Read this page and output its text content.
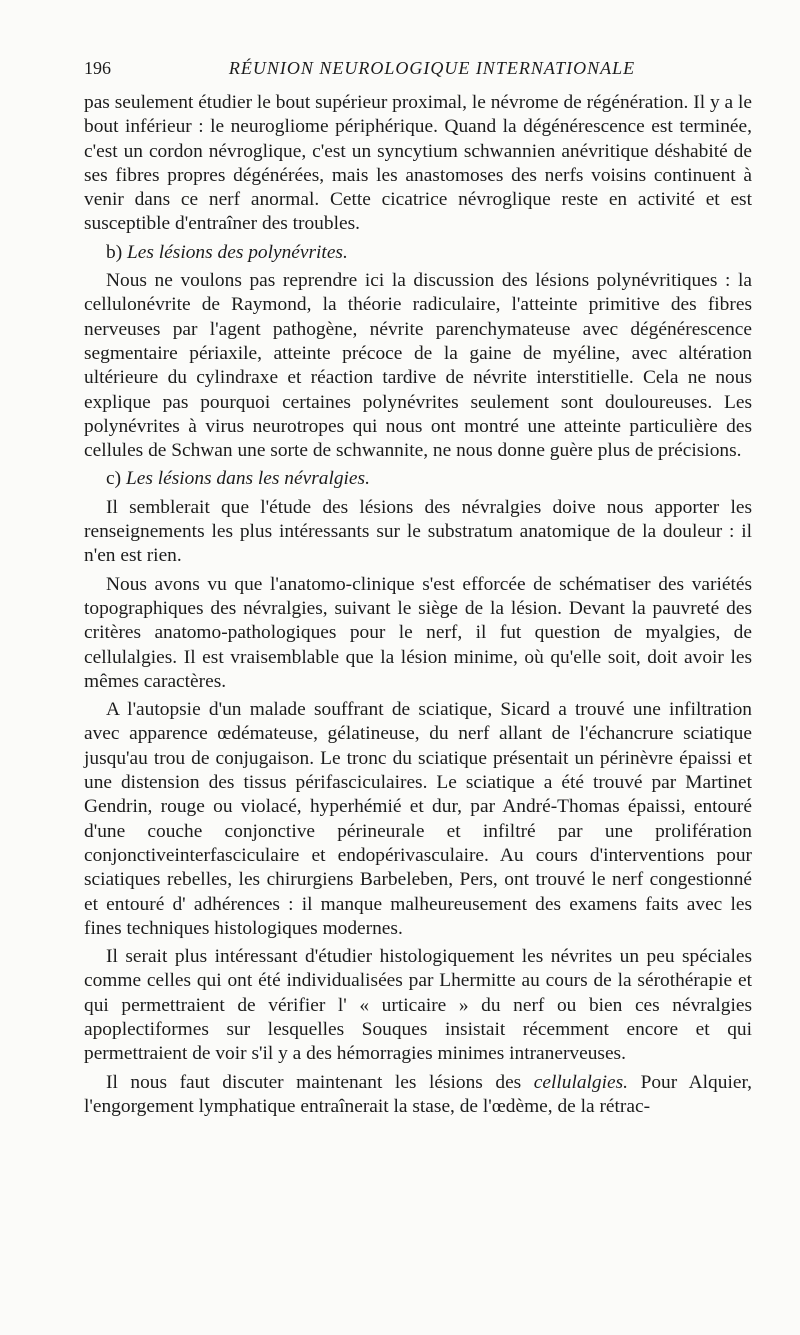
196	RÉUNION NEUROLOGIQUE INTERNATIONALE

pas seulement étudier le bout supérieur proximal, le névrome de régénération. Il y a le bout inférieur : le neurogliome périphérique. Quand la dégénérescence est terminée, c'est un cordon névroglique, c'est un syncytium schwannien anévritique déshabité de ses fibres propres dégénérées, mais les anastomoses des nerfs voisins continuent à venir dans ce nerf anormal. Cette cicatrice névroglique reste en activité et est susceptible d'entraîner des troubles.

b) Les lésions des polynévrites.

Nous ne voulons pas reprendre ici la discussion des lésions polynévritiques : la cellulonévrite de Raymond, la théorie radiculaire, l'atteinte primitive des fibres nerveuses par l'agent pathogène, névrite parenchymateuse avec dégénérescence segmentaire périaxile, atteinte précoce de la gaine de myéline, avec altération ultérieure du cylindraxe et réaction tardive de névrite interstitielle. Cela ne nous explique pas pourquoi certaines polynévrites seulement sont douloureuses. Les polynévrites à virus neurotropes qui nous ont montré une atteinte particulière des cellules de Schwan une sorte de schwannite, ne nous donne guère plus de précisions.

c) Les lésions dans les névralgies.

Il semblerait que l'étude des lésions des névralgies doive nous apporter les renseignements les plus intéressants sur le substratum anatomique de la douleur : il n'en est rien.

Nous avons vu que l'anatomo-clinique s'est efforcée de schématiser des variétés topographiques des névralgies, suivant le siège de la lésion. Devant la pauvreté des critères anatomo-pathologiques pour le nerf, il fut question de myalgies, de cellulalgies. Il est vraisemblable que la lésion minime, où qu'elle soit, doit avoir les mêmes caractères.

A l'autopsie d'un malade souffrant de sciatique, Sicard a trouvé une infiltration avec apparence œdémateuse, gélatineuse, du nerf allant de l'échancrure sciatique jusqu'au trou de conjugaison. Le tronc du sciatique présentait un périnèvre épaissi et une distension des tissus périfasciculaires. Le sciatique a été trouvé par Martinet Gendrin, rouge ou violacé, hyperhémié et dur, par André-Thomas épaissi, entouré d'une couche conjonctive périneurale et infiltré par une prolifération conjonctiveinterfasciculaire et endopérivasculaire. Au cours d'interventions pour sciatiques rebelles, les chirurgiens Barbeleben, Pers, ont trouvé le nerf congestionné et entouré d' adhérences : il manque malheureusement des examens faits avec les fines techniques histologiques modernes.

Il serait plus intéressant d'étudier histologiquement les névrites un peu spéciales comme celles qui ont été individualisées par Lhermitte au cours de la sérothérapie et qui permettraient de vérifier l' « urticaire » du nerf ou bien ces névralgies apoplectiformes sur lesquelles Souques insistait récemment encore et qui permettraient de voir s'il y a des hémorragies minimes intranerveuses.

Il nous faut discuter maintenant les lésions des cellulalgies. Pour Alquier, l'engorgement lymphatique entraînerait la stase, de l'œdème, de la rétrac-
